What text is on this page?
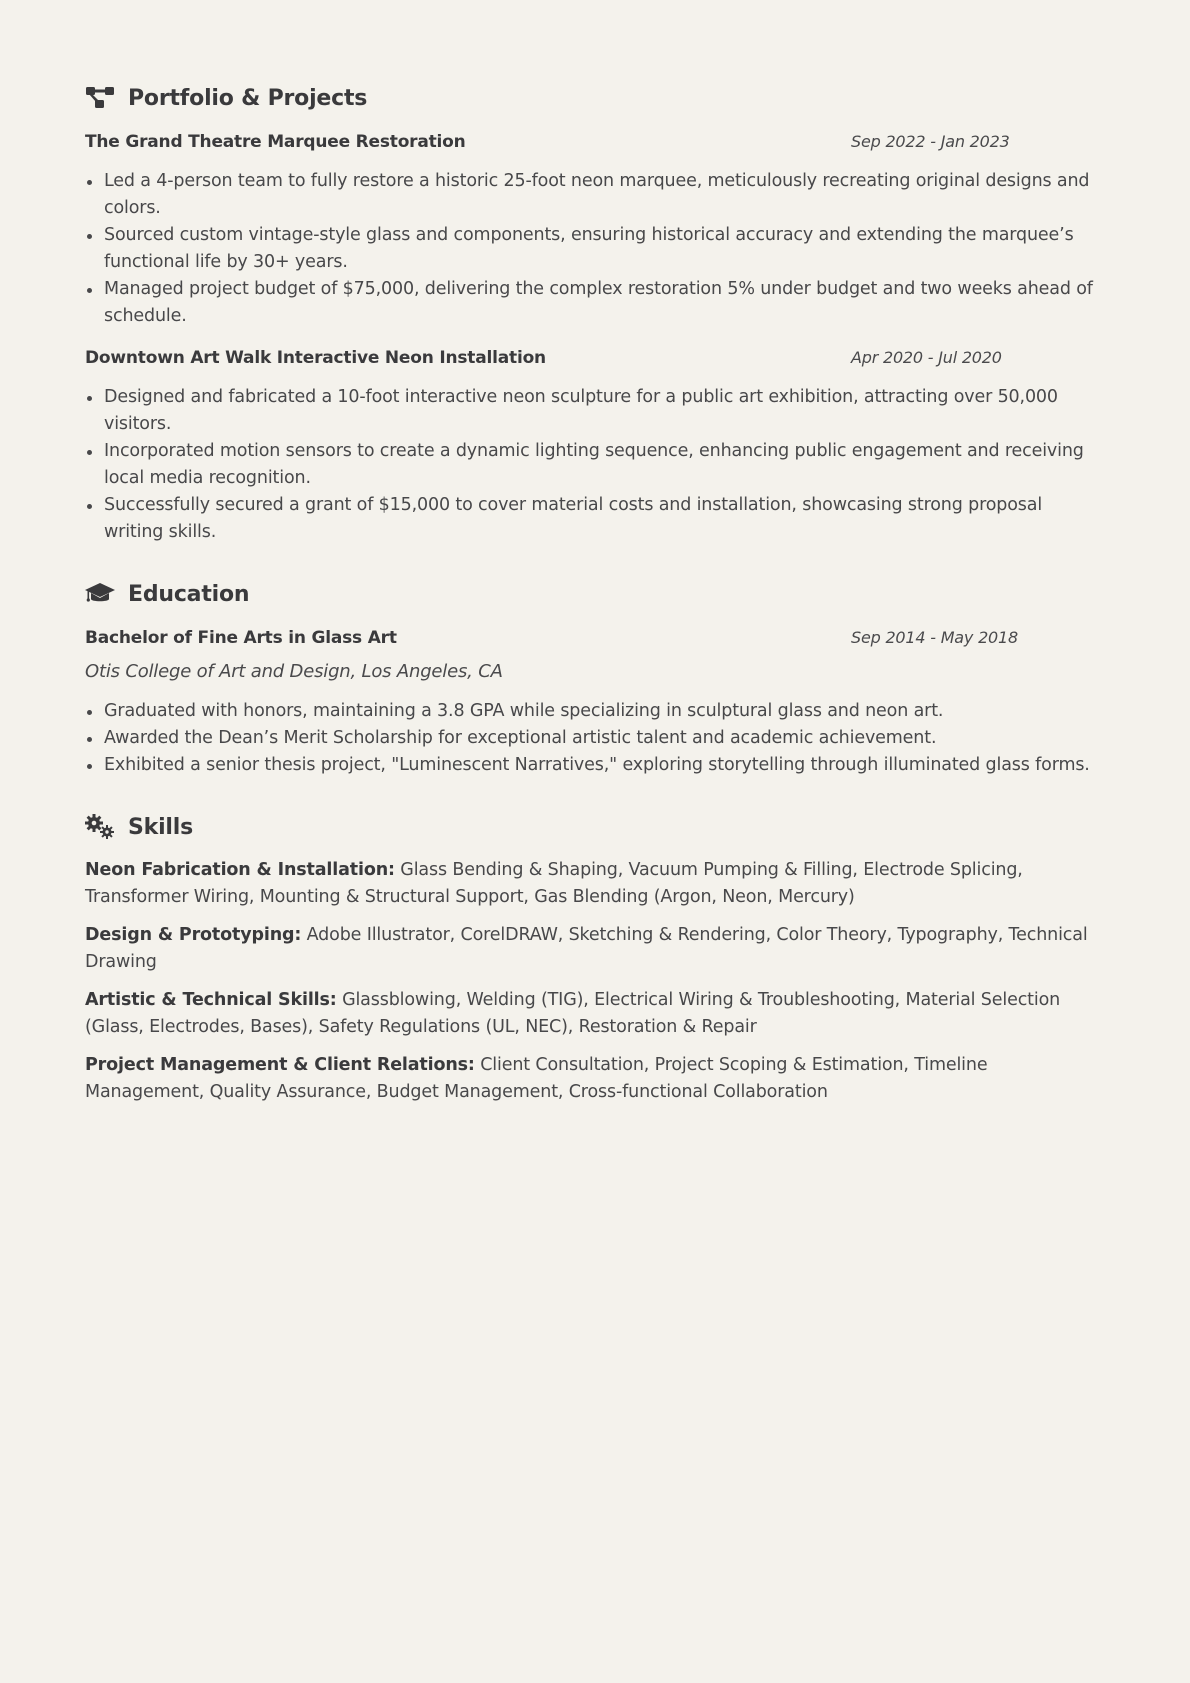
Portfolio & Projects
The Grand Theatre Marquee Restoration	Sep 2022 - Jan 2023
Led a 4-person team to fully restore a historic 25-foot neon marquee, meticulously recreating original designs and colors.
Sourced custom vintage-style glass and components, ensuring historical accuracy and extending the marquee’s functional life by 30+ years.
Managed project budget of $75,000, delivering the complex restoration 5% under budget and two weeks ahead of schedule.
Downtown Art Walk Interactive Neon Installation	Apr 2020 - Jul 2020
Designed and fabricated a 10-foot interactive neon sculpture for a public art exhibition, attracting over 50,000 visitors.
Incorporated motion sensors to create a dynamic lighting sequence, enhancing public engagement and receiving local media recognition.
Successfully secured a grant of $15,000 to cover material costs and installation, showcasing strong proposal writing skills.
Education
Bachelor of Fine Arts in Glass Art	Sep 2014 - May 2018
Otis College of Art and Design, Los Angeles, CA
Graduated with honors, maintaining a 3.8 GPA while specializing in sculptural glass and neon art.
Awarded the Dean’s Merit Scholarship for exceptional artistic talent and academic achievement.
Exhibited a senior thesis project, "Luminescent Narratives," exploring storytelling through illuminated glass forms.
Skills
Neon Fabrication & Installation: Glass Bending & Shaping, Vacuum Pumping & Filling, Electrode Splicing, Transformer Wiring, Mounting & Structural Support, Gas Blending (Argon, Neon, Mercury)
Design & Prototyping: Adobe Illustrator, CorelDRAW, Sketching & Rendering, Color Theory, Typography, Technical Drawing
Artistic & Technical Skills: Glassblowing, Welding (TIG), Electrical Wiring & Troubleshooting, Material Selection (Glass, Electrodes, Bases), Safety Regulations (UL, NEC), Restoration & Repair
Project Management & Client Relations: Client Consultation, Project Scoping & Estimation, Timeline Management, Quality Assurance, Budget Management, Cross-functional Collaboration
